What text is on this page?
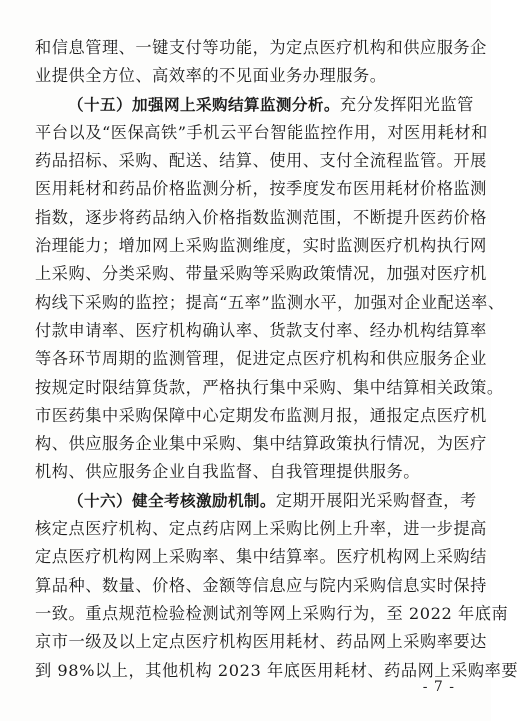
和信息管理、一键支付等功能，为定点医疗机构和供应服务企
业提供全方位、高效率的不见面业务办理服务。
（十五）加强网上采购结算监测分析。充分发挥阳光监管
平台以及“医保高铁”手机云平台智能监控作用，对医用耗材和
药品招标、采购、配送、结算、使用、支付全流程监管。开展
医用耗材和药品价格监测分析，按季度发布医用耗材价格监测
指数，逐步将药品纳入价格指数监测范围，不断提升医药价格
治理能力；增加网上采购监测维度，实时监测医疗机构执行网
上采购、分类采购、带量采购等采购政策情况，加强对医疗机
构线下采购的监控；提高“五率”监测水平，加强对企业配送率、
付款申请率、医疗机构确认率、货款支付率、经办机构结算率
等各环节周期的监测管理，促进定点医疗机构和供应服务企业
按规定时限结算货款，严格执行集中采购、集中结算相关政策。
市医药集中采购保障中心定期发布监测月报，通报定点医疗机
构、供应服务企业集中采购、集中结算政策执行情况，为医疗
机构、供应服务企业自我监督、自我管理提供服务。
（十六）健全考核激励机制。定期开展阳光采购督查，考
核定点医疗机构、定点药店网上采购比例上升率，进一步提高
定点医疗机构网上采购率、集中结算率。医疗机构网上采购结
算品种、数量、价格、金额等信息应与院内采购信息实时保持
一致。重点规范检验检测试剂等网上采购行为，至 2022 年底南
京市一级及以上定点医疗机构医用耗材、药品网上采购率要达
到 98%以上，其他机构 2023 年底医用耗材、药品网上采购率要
- 7 -
